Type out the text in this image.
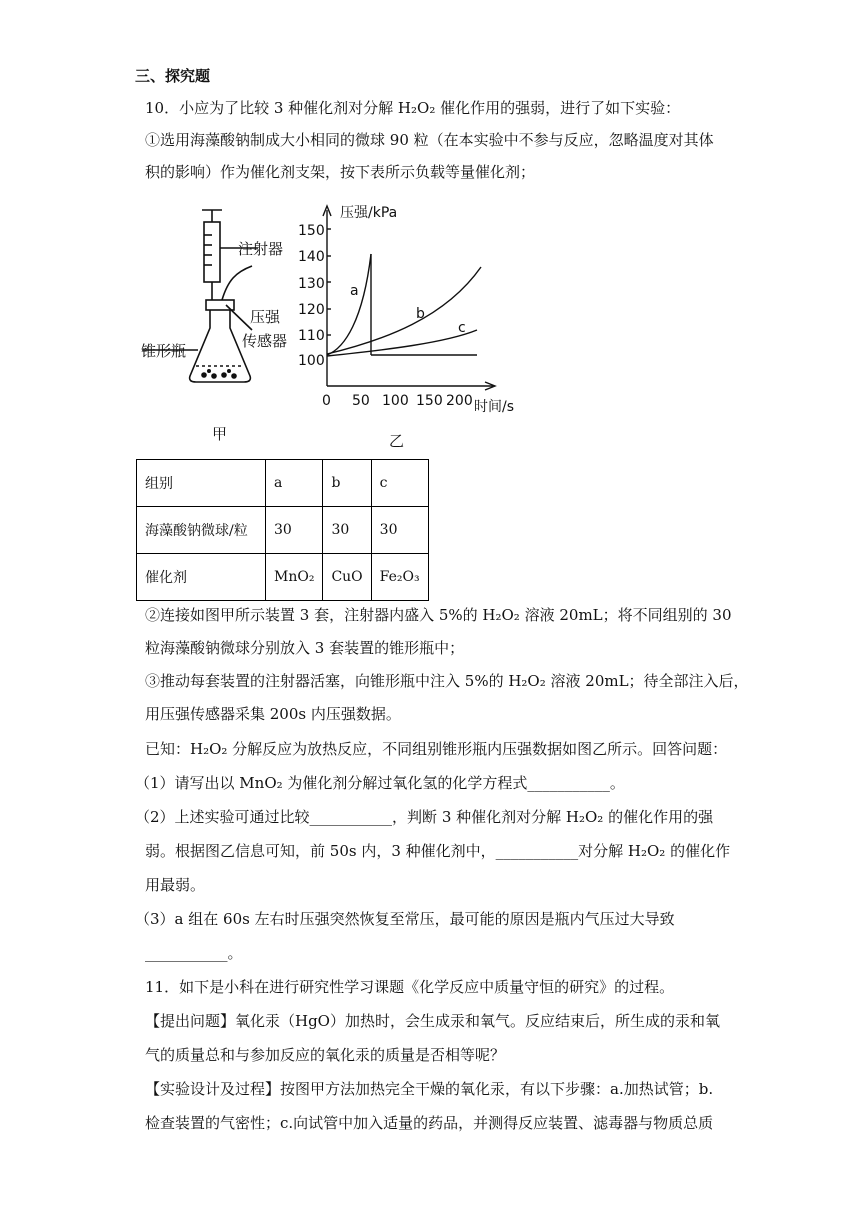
三、探究题
10．小应为了比较 3 种催化剂对分解 H₂O₂ 催化作用的强弱，进行了如下实验：
①选用海藻酸钠制成大小相同的微球 90 粒（在本实验中不参与反应，忽略温度对其体
积的影响）作为催化剂支架，按下表所示负载等量催化剂；
注射器
压强
传感器
锥形瓶
甲
压强/kPa
150
140
130
120
110
100
0 50 100 150 200 时间/s
a
b
c
乙
组别	a	b	c
海藻酸钠微球/粒	30	30	30
催化剂	MnO₂	CuO	Fe₂O₃
②连接如图甲所示装置 3 套，注射器内盛入 5%的 H₂O₂ 溶液 20mL；将不同组别的 30
粒海藻酸钠微球分别放入 3 套装置的锥形瓶中；
③推动每套装置的注射器活塞，向锥形瓶中注入 5%的 H₂O₂ 溶液 20mL；待全部注入后，
用压强传感器采集 200s 内压强数据。
已知：H₂O₂ 分解反应为放热反应，不同组别锥形瓶内压强数据如图乙所示。回答问题：
（1）请写出以 MnO₂ 为催化剂分解过氧化氢的化学方程式___________。
（2）上述实验可通过比较___________，判断 3 种催化剂对分解 H₂O₂ 的催化作用的强
弱。根据图乙信息可知，前 50s 内，3 种催化剂中，___________对分解 H₂O₂ 的催化作
用最弱。
（3）a 组在 60s 左右时压强突然恢复至常压，最可能的原因是瓶内气压过大导致
___________。
11．如下是小科在进行研究性学习课题《化学反应中质量守恒的研究》的过程。
【提出问题】氧化汞（HgO）加热时，会生成汞和氧气。反应结束后，所生成的汞和氧
气的质量总和与参加反应的氧化汞的质量是否相等呢？
【实验设计及过程】按图甲方法加热完全干燥的氧化汞，有以下步骤：a.加热试管；b.
检查装置的气密性；c.向试管中加入适量的药品，并测得反应装置、滤毒器与物质总质
